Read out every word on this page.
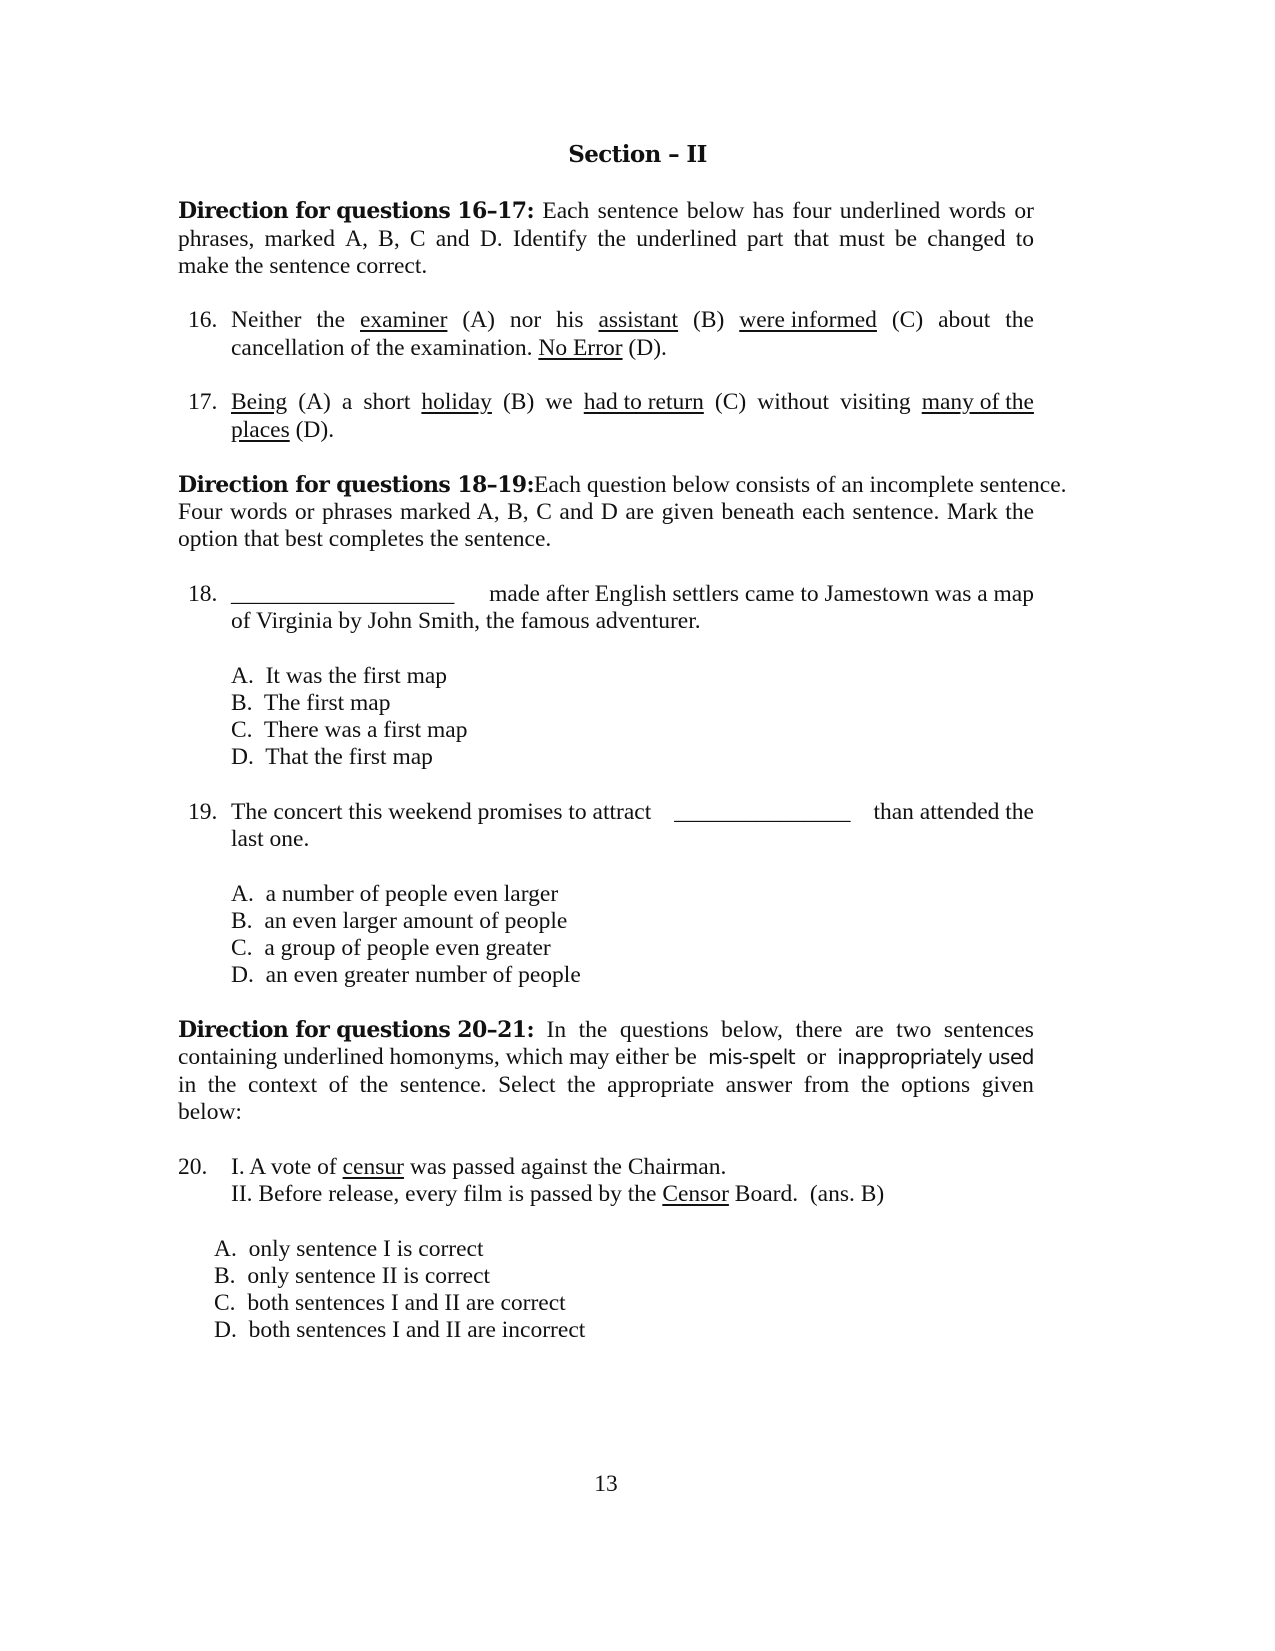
Section – II
Direction for questions 16–17: Each sentence below has four underlined words or
phrases, marked A, B, C and D. Identify the underlined part that must be changed to
make the sentence correct.
16. Neither the examiner (A) nor his assistant (B) were informed (C) about the
cancellation of the examination. No Error (D).
17. Being (A) a short holiday (B) we had to return (C) without visiting many of the
places (D).
Direction for questions 18–19: Each question below consists of an incomplete sentence.
Four words or phrases marked A, B, C and D are given beneath each sentence. Mark the
option that best completes the sentence.
18. ___________________ made after English settlers came to Jamestown was a map
of Virginia by John Smith, the famous adventurer.
A. It was the first map
B. The first map
C. There was a first map
D. That the first map
19. The concert this weekend promises to attract _______________ than attended the
last one.
A. a number of people even larger
B. an even larger amount of people
C. a group of people even greater
D. an even greater number of people
Direction for questions 20–21: In the questions below, there are two sentences
containing underlined homonyms, which may either be mis-spelt or inappropriately used
in the context of the sentence. Select the appropriate answer from the options given
below:
20. I. A vote of censur was passed against the Chairman.
II. Before release, every film is passed by the Censor Board.  (ans. B)
A. only sentence I is correct
B. only sentence II is correct
C. both sentences I and II are correct
D. both sentences I and II are incorrect
13
